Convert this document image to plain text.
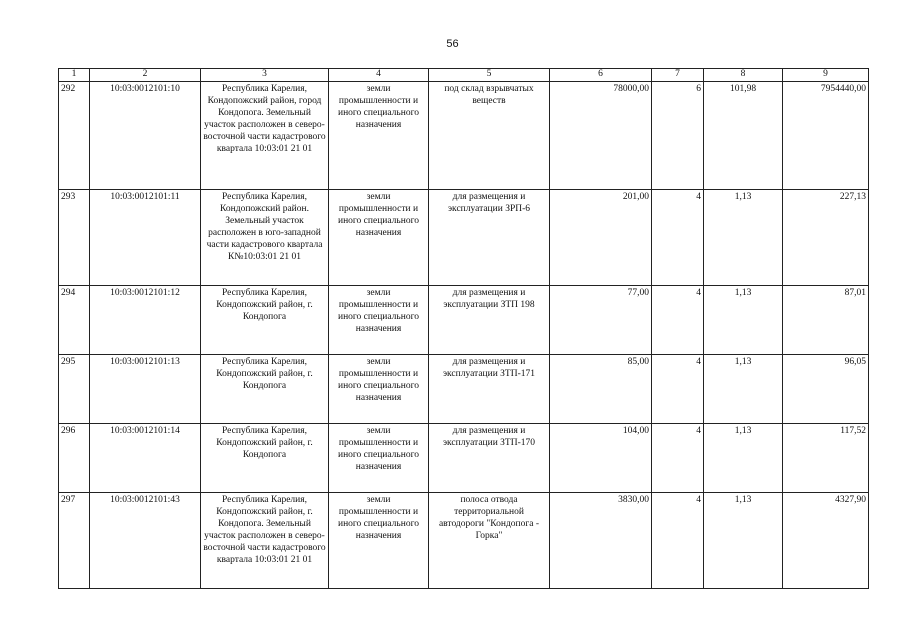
56
1	2	3	4	5	6	7	8	9
292	10:03:0012101:10	Республика Карелия, Кондопожский район, город Кондопога. Земельный участок расположен в северо-восточной части кадастрового квартала 10:03:01 21 01	земли промышленности и иного специального назначения	под склад взрывчатых веществ	78000,00	6	101,98	7954440,00
293	10:03:0012101:11	Республика Карелия, Кондопожский район. Земельный участок расположен в юго-западной части кадастрового квартала К№10:03:01 21 01	земли промышленности и иного специального назначения	для размещения и эксплуатации ЗРП-6	201,00	4	1,13	227,13
294	10:03:0012101:12	Республика Карелия, Кондопожский район, г. Кондопога	земли промышленности и иного специального назначения	для размещения и эксплуатации ЗТП 198	77,00	4	1,13	87,01
295	10:03:0012101:13	Республика Карелия, Кондопожский район, г. Кондопога	земли промышленности и иного специального назначения	для размещения и эксплуатации ЗТП-171	85,00	4	1,13	96,05
296	10:03:0012101:14	Республика Карелия, Кондопожский район, г. Кондопога	земли промышленности и иного специального назначения	для размещения и эксплуатации ЗТП-170	104,00	4	1,13	117,52
297	10:03:0012101:43	Республика Карелия, Кондопожский район, г. Кондопога. Земельный участок расположен в северо-восточной части кадастрового квартала 10:03:01 21 01	земли промышленности и иного специального назначения	полоса отвода территориальной автодороги "Кондопога - Горка"	3830,00	4	1,13	4327,90
